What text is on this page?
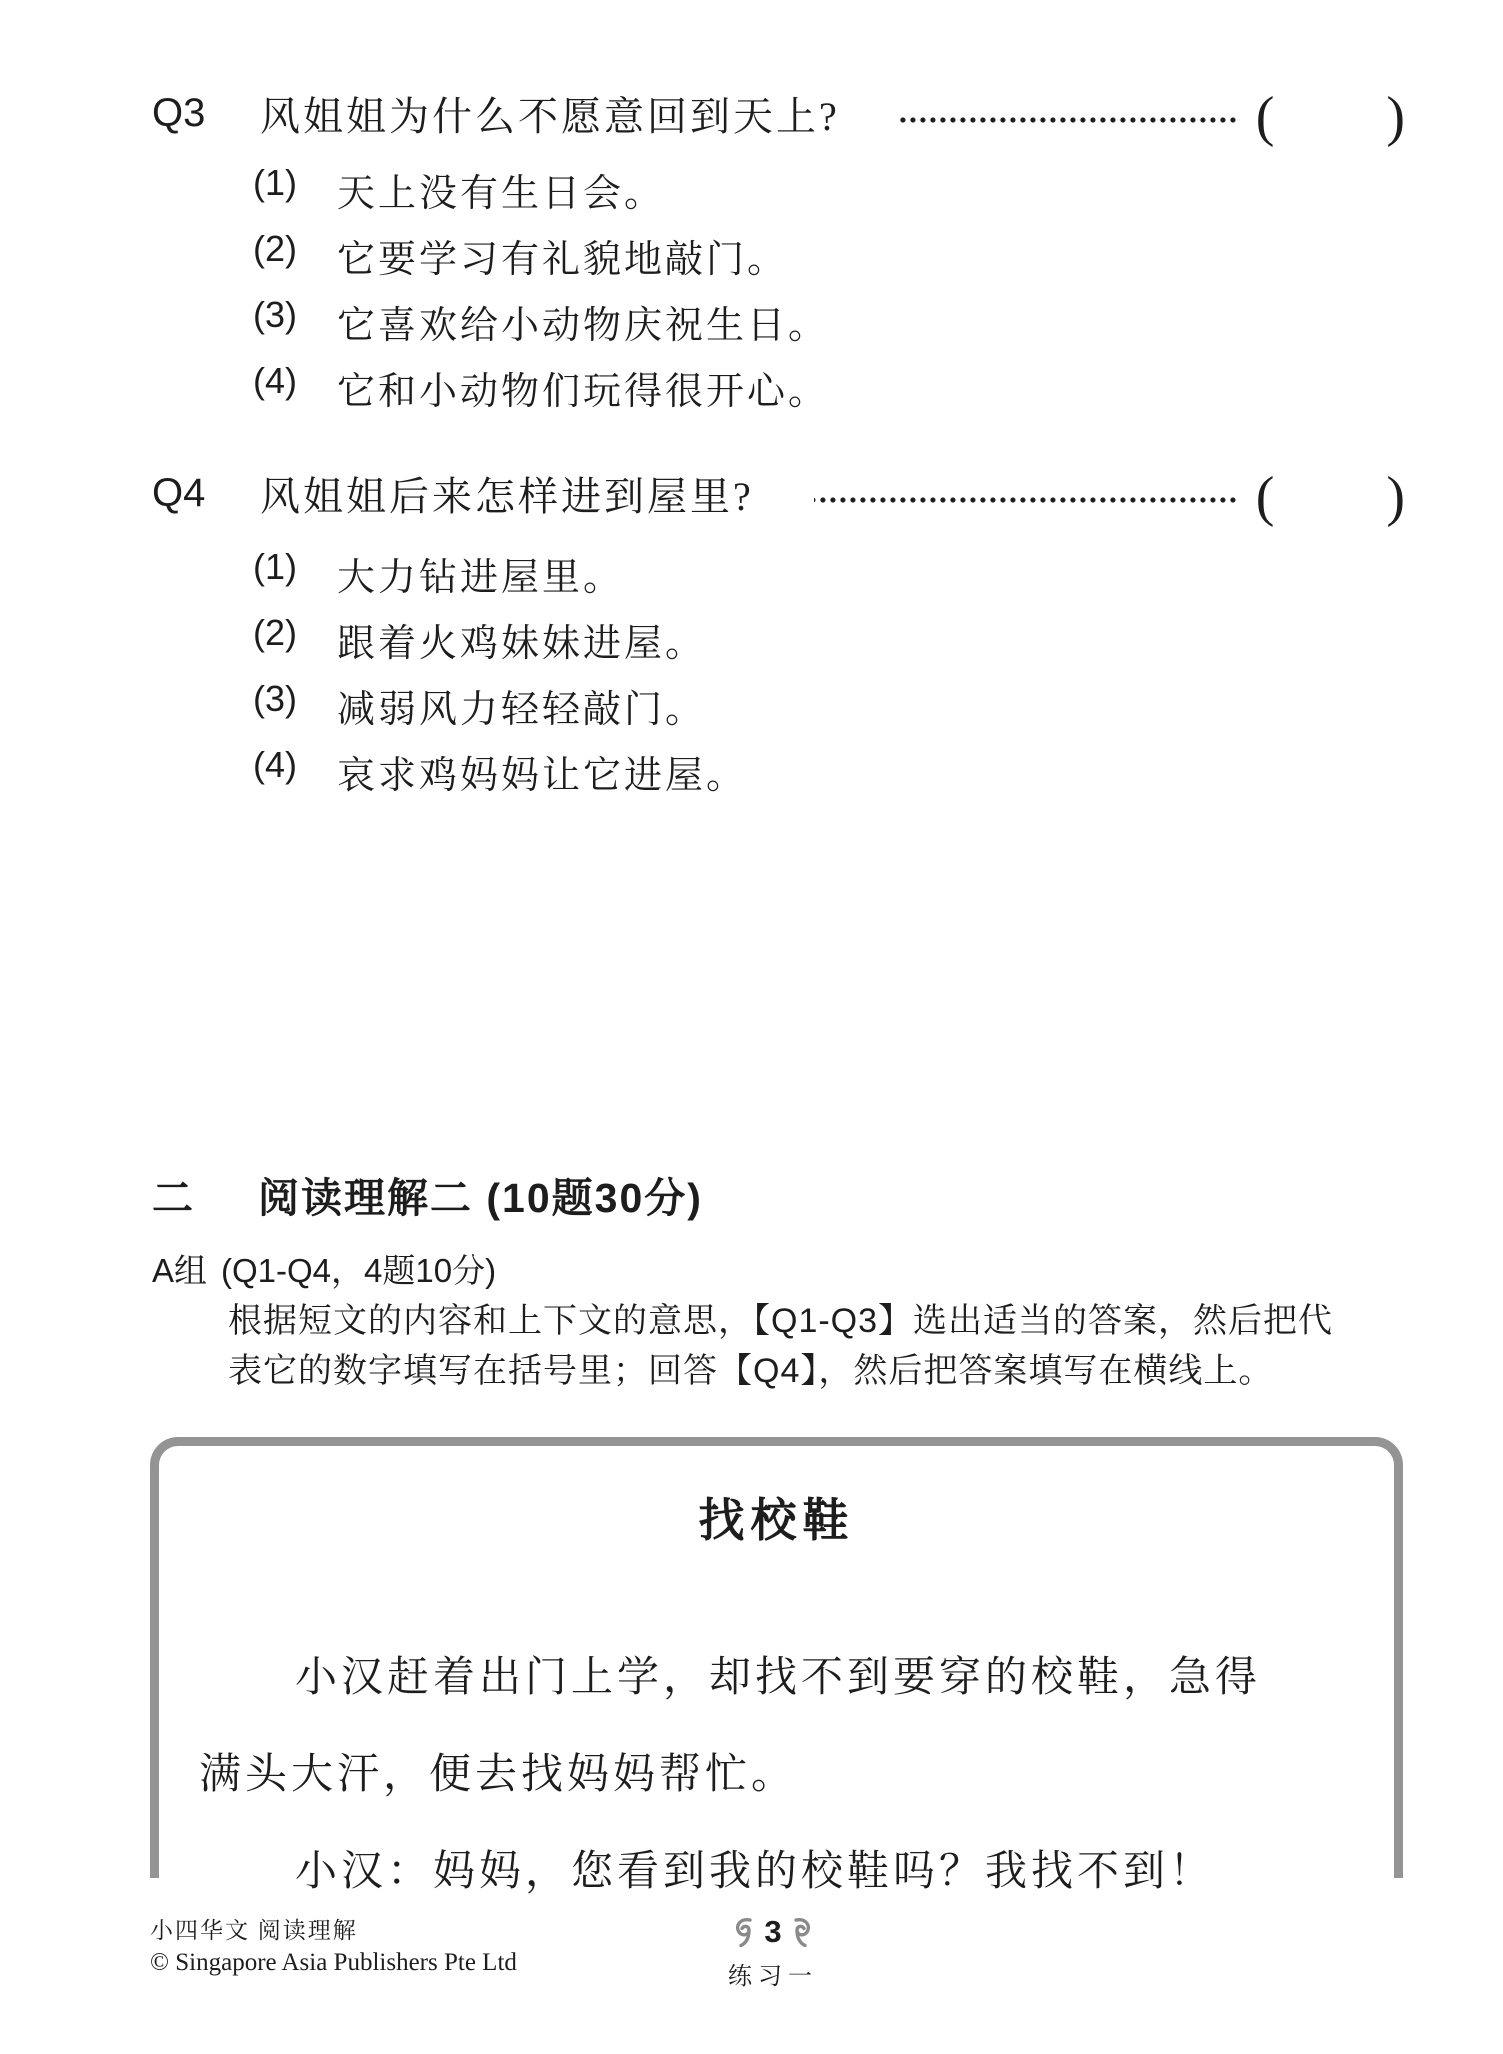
Q3	风姐姐为什么不愿意回到天上?	( )
(1)	天上没有生日会。
(2)	它要学习有礼貌地敲门。
(3)	它喜欢给小动物庆祝生日。
(4)	它和小动物们玩得很开心。
Q4	风姐姐后来怎样进到屋里?	( )
(1)	大力钻进屋里。
(2)	跟着火鸡妹妹进屋。
(3)	减弱风力轻轻敲门。
(4)	哀求鸡妈妈让它进屋。
二	阅读理解二 (10题30分)
A组 (Q1-Q4，4题10分)
根据短文的内容和上下文的意思，【Q1-Q3】选出适当的答案，然后把代
表它的数字填写在括号里；回答【Q4】，然后把答案填写在横线上。
找校鞋
小汉赶着出门上学，却找不到要穿的校鞋，急得
满头大汗，便去找妈妈帮忙。
小汉：妈妈，您看到我的校鞋吗？我找不到！
小四华文 阅读理解
© Singapore Asia Publishers Pte Ltd
3
练习一
